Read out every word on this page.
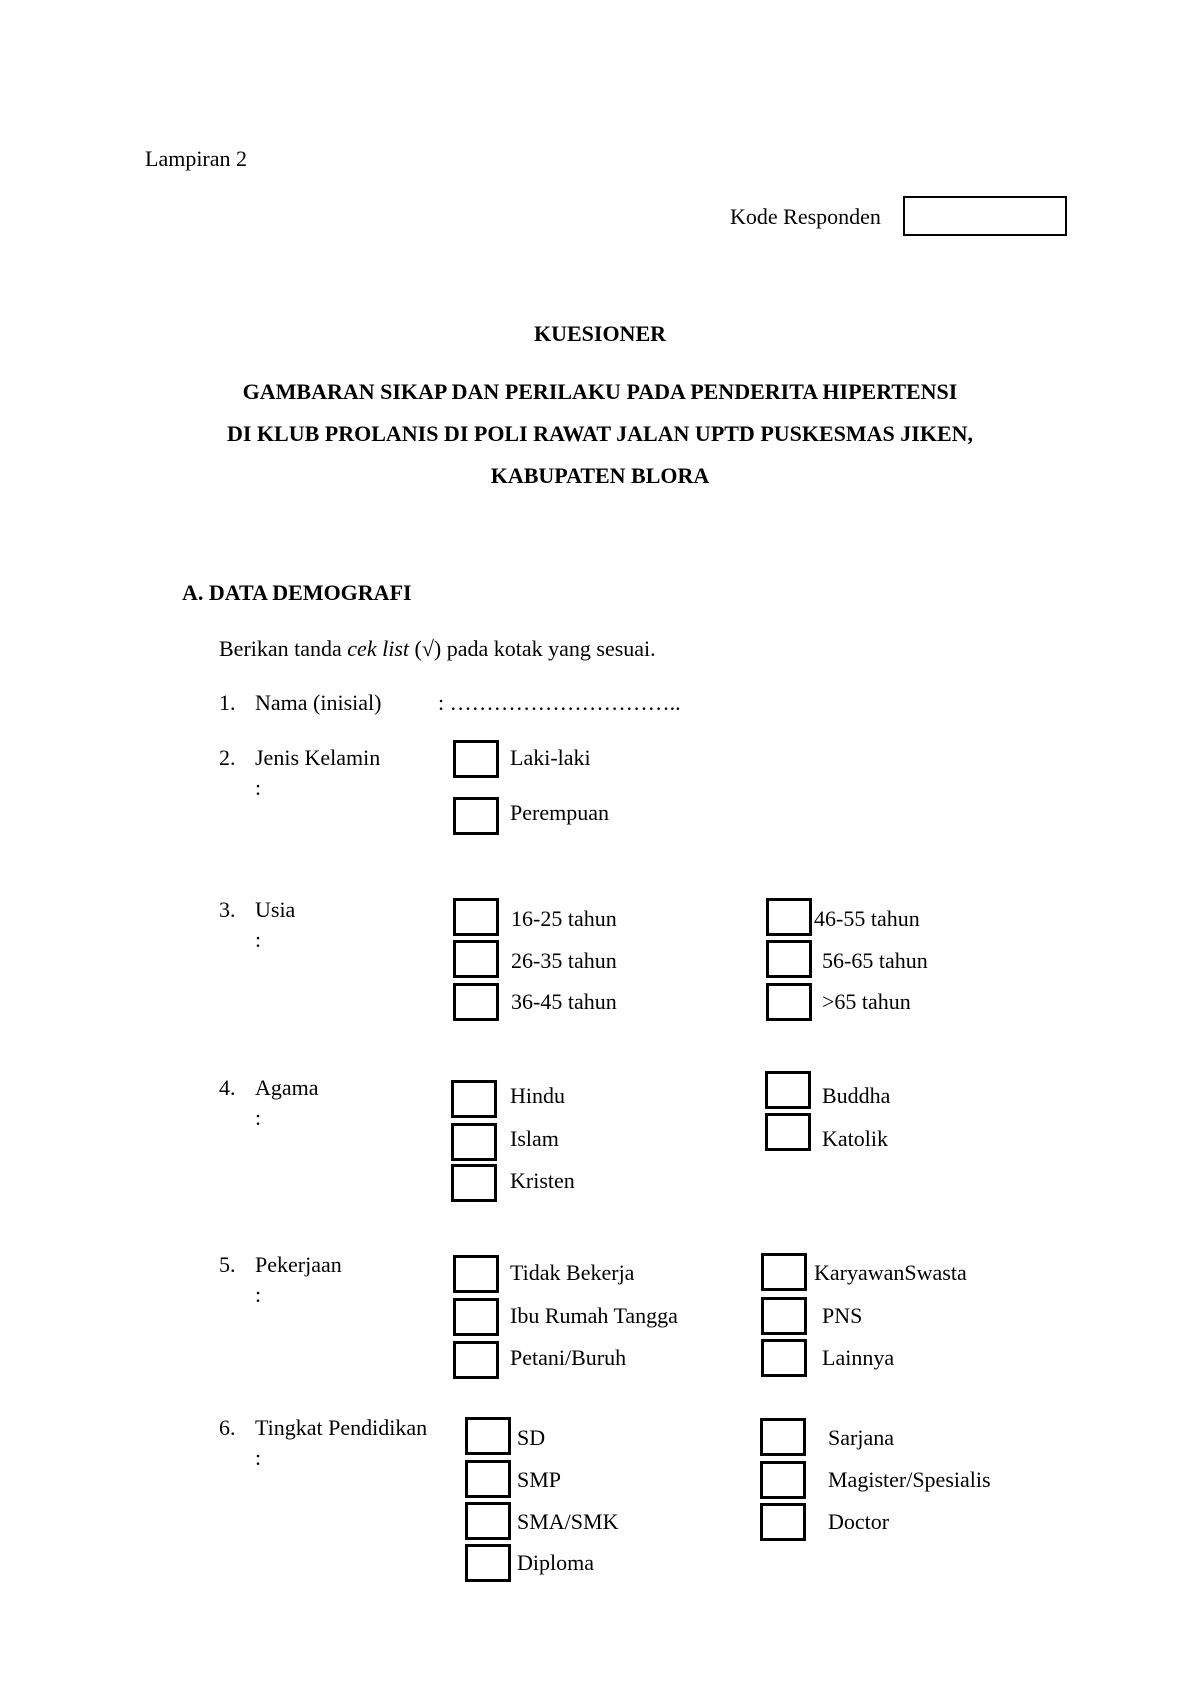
Lampiran 2
Kode Responden
KUESIONER
GAMBARAN SIKAP DAN PERILAKU PADA PENDERITA HIPERTENSI
DI KLUB PROLANIS DI POLI RAWAT JALAN UPTD PUSKESMAS JIKEN,
KABUPATEN BLORA
A. DATA DEMOGRAFI
Berikan tanda cek list (√) pada kotak yang sesuai.
1. Nama (inisial)	: …………………………..
2. Jenis Kelamin
:
Laki-laki
Perempuan
3. Usia
:
16-25 tahun
26-35 tahun
36-45 tahun
46-55 tahun
56-65 tahun
>65 tahun
4. Agama
:
Hindu
Islam
Kristen
Buddha
Katolik
5. Pekerjaan
:
Tidak Bekerja
Ibu Rumah Tangga
Petani/Buruh
KaryawanSwasta
PNS
Lainnya
6. Tingkat Pendidikan
:
SD
SMP
SMA/SMK
Diploma
Sarjana
Magister/Spesialis
Doctor
